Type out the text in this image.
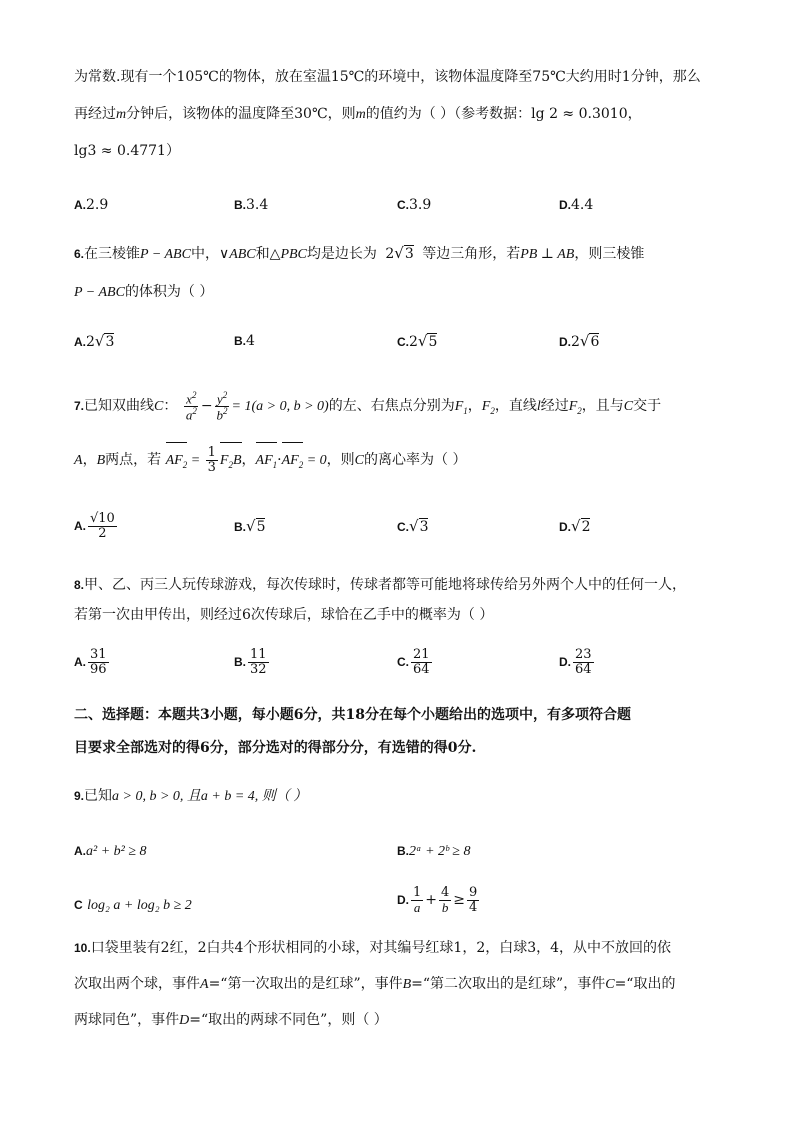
为常数.现有一个105℃的物体，放在室温15℃的环境中，该物体温度降至75℃大约用时1分钟，那么
再经过m分钟后，该物体的温度降至30℃，则m的值约为（ ）（参考数据：lg 2 ≈ 0.3010，
lg3 ≈ 0.4771）
A.2.9	B.3.4	C.3.9	D.4.4
6.在三棱锥P − ABC中，∨ABC和△PBC均是边长为 2√3 等边三角形，若PB ⊥ AB，则三棱锥
P − ABC的体积为（ ）
A.2√3	B.4	C.2√5	D.2√6
7.已知双曲线C： $\frac{x^2}{a^2} - \frac{y^2}{b^2} = 1(a > 0$, b > 0)的左、右焦点分别为$F_1$，$F_2$，直线l经过$F_2$，且与C交于
A，B两点，若 $AF_2 = \frac{1}{3} F_2B$，$AF_1\cdot AF_2 = 0$，则C的离心率为（ ）
A. $\frac{√10}{2}$	B.√5	C.√3	D.√2
8.甲、乙、丙三人玩传球游戏，每次传球时，传球者都等可能地将球传给另外两个人中的任何一人，
若第一次由甲传出，则经过6次传球后，球恰在乙手中的概率为（ ）
A. $\frac{31}{96}$	B. $\frac{11}{32}$	C. $\frac{21}{64}$	D. $\frac{23}{64}$
二、选择题：本题共3小题，每小题6分，共18分在每个小题给出的选项中，有多项符合题
目要求全部选对的得6分，部分选对的得部分分，有选错的得0分.
9.已知a > 0, b > 0, 且a + b = 4, 则（ ）
A.a² + b² ≥ 8	B.2ᵃ + 2ᵇ ≥ 8
C log₂ a + log₂ b ≥ 2	D. $\frac{1}{a} + \frac{4}{b} \ge \frac{9}{4}$
10.口袋里装有2红，2白共4个形状相同的小球，对其编号红球1，2，白球3，4，从中不放回的依
次取出两个球，事件A=“第一次取出的是红球”，事件B=“第二次取出的是红球”，事件C=“取出的
两球同色”，事件D=“取出的两球不同色”，则（ ）
